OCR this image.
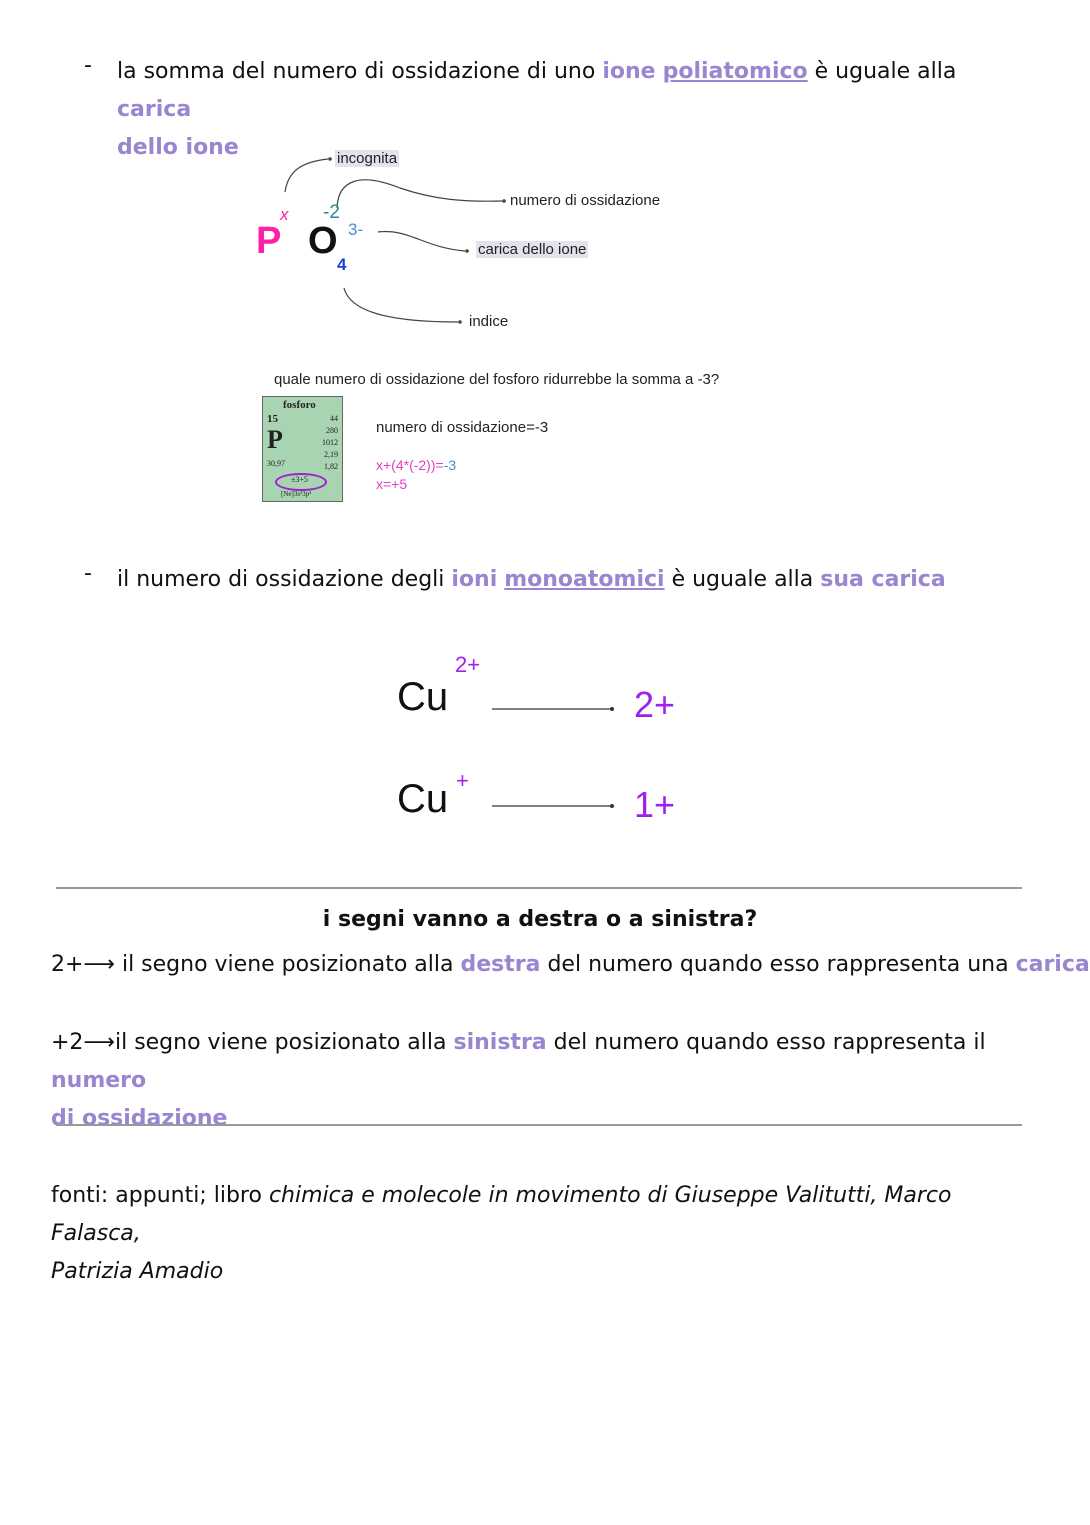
- la somma del numero di ossidazione di uno ione poliatomico è uguale alla carica
dello ione	incognita
numero di ossidazione
carica dello ione
indice
P
x
O
-2
3-
4
quale numero di ossidazione del fosforo ridurrebbe la somma a -3?
fosforo
15
P
30,97
44
280
1012
2,19
1,82
±3+5
[Ne]3s²3p³
numero di ossidazione=-3
x+(4*(-2))=-3
x=+5
- il numero di ossidazione degli ioni monoatomici è uguale alla sua carica
Cu
2+
2+
Cu +
1+
i segni vanno a destra o a sinistra?
2+⟶ il segno viene posizionato alla destra del numero quando esso rappresenta una carica
+2⟶il segno viene posizionato alla sinistra del numero quando esso rappresenta il numero
di ossidazione
fonti: appunti; libro chimica e molecole in movimento di Giuseppe Valitutti, Marco Falasca,
Patrizia Amadio
